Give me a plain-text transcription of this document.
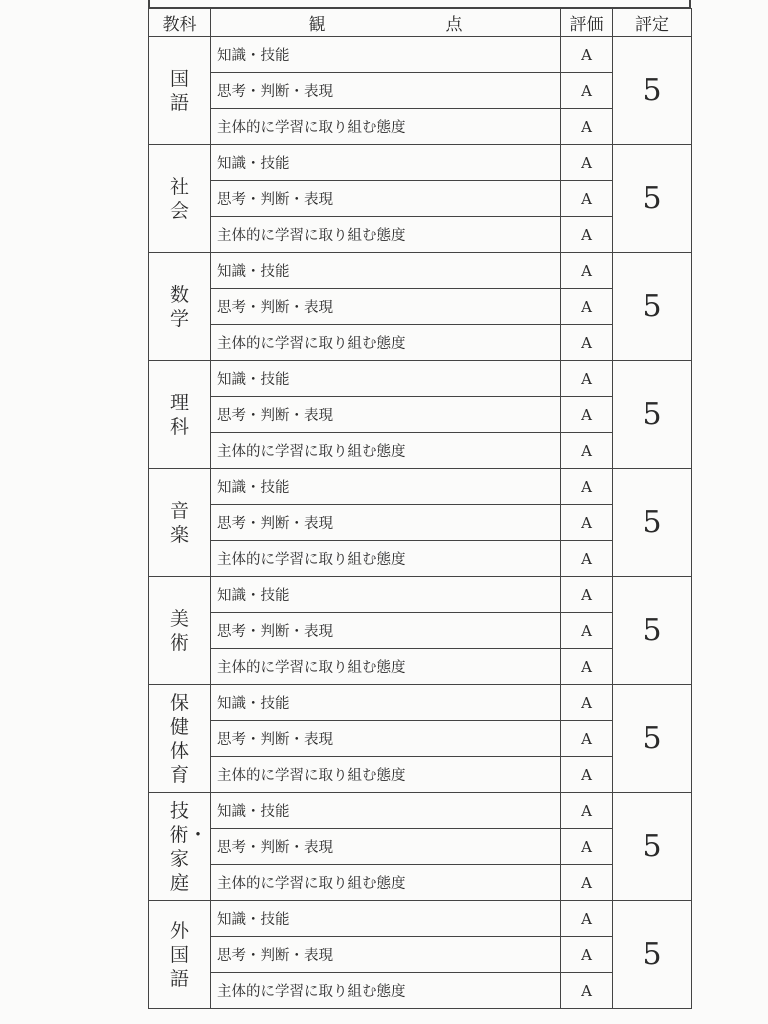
教科	観 点	評価	評定

国語	知識・技能	A	5
	思考・判断・表現	A	
	主体的に学習に取り組む態度	A	

社会	知識・技能	A	5
	思考・判断・表現	A	
	主体的に学習に取り組む態度	A	

数学	知識・技能	A	5
	思考・判断・表現	A	
	主体的に学習に取り組む態度	A	

理科	知識・技能	A	5
	思考・判断・表現	A	
	主体的に学習に取り組む態度	A	

音楽	知識・技能	A	5
	思考・判断・表現	A	
	主体的に学習に取り組む態度	A	

美術	知識・技能	A	5
	思考・判断・表現	A	
	主体的に学習に取り組む態度	A	

保健体育	知識・技能	A	5
	思考・判断・表現	A	
	主体的に学習に取り組む態度	A	

技術・家庭	知識・技能	A	5
	思考・判断・表現	A	
	主体的に学習に取り組む態度	A	

外国語	知識・技能	A	5
	思考・判断・表現	A	
	主体的に学習に取り組む態度	A	
